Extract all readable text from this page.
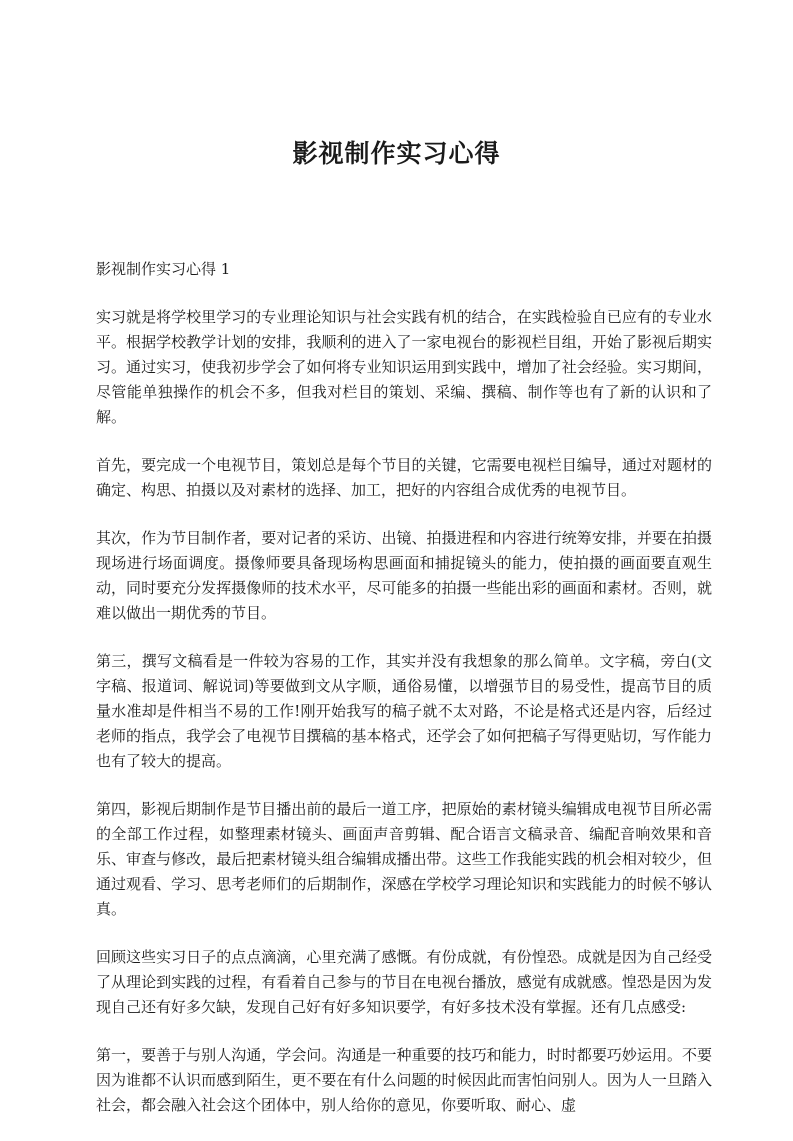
影视制作实习心得

影视制作实习心得 1

实习就是将学校里学习的专业理论知识与社会实践有机的结合，在实践检验自已应有的专业水平。根据学校教学计划的安排，我顺利的进入了一家电视台的影视栏目组，开始了影视后期实习。通过实习，使我初步学会了如何将专业知识运用到实践中，增加了社会经验。实习期间，尽管能单独操作的机会不多，但我对栏目的策划、采编、撰稿、制作等也有了新的认识和了解。

首先，要完成一个电视节目，策划总是每个节目的关键，它需要电视栏目编导，通过对题材的确定、构思、拍摄以及对素材的选择、加工，把好的内容组合成优秀的电视节目。

其次，作为节目制作者，要对记者的采访、出镜、拍摄进程和内容进行统筹安排，并要在拍摄现场进行场面调度。摄像师要具备现场构思画面和捕捉镜头的能力，使拍摄的画面要直观生动，同时要充分发挥摄像师的技术水平，尽可能多的拍摄一些能出彩的画面和素材。否则，就难以做出一期优秀的节目。

第三，撰写文稿看是一件较为容易的工作，其实并没有我想象的那么简单。文字稿，旁白(文字稿、报道词、解说词)等要做到文从字顺，通俗易懂，以增强节目的易受性，提高节目的质量水准却是件相当不易的工作!刚开始我写的稿子就不太对路，不论是格式还是内容，后经过老师的指点，我学会了电视节目撰稿的基本格式，还学会了如何把稿子写得更贴切，写作能力也有了较大的提高。

第四，影视后期制作是节目播出前的最后一道工序，把原始的素材镜头编辑成电视节目所必需的全部工作过程，如整理素材镜头、画面声音剪辑、配合语言文稿录音、编配音响效果和音乐、审查与修改，最后把素材镜头组合编辑成播出带。这些工作我能实践的机会相对较少，但通过观看、学习、思考老师们的后期制作，深感在学校学习理论知识和实践能力的时候不够认真。

回顾这些实习日子的点点滴滴，心里充满了感慨。有份成就，有份惶恐。成就是因为自己经受了从理论到实践的过程，有看着自己参与的节目在电视台播放，感觉有成就感。惶恐是因为发现自己还有好多欠缺，发现自己好有好多知识要学，有好多技术没有掌握。还有几点感受:

第一，要善于与别人沟通，学会问。沟通是一种重要的技巧和能力，时时都要巧妙运用。不要因为谁都不认识而感到陌生，更不要在有什么问题的时候因此而害怕问别人。因为人一旦踏入社会，都会融入社会这个团体中，别人给你的意见，你要听取、耐心、虚
